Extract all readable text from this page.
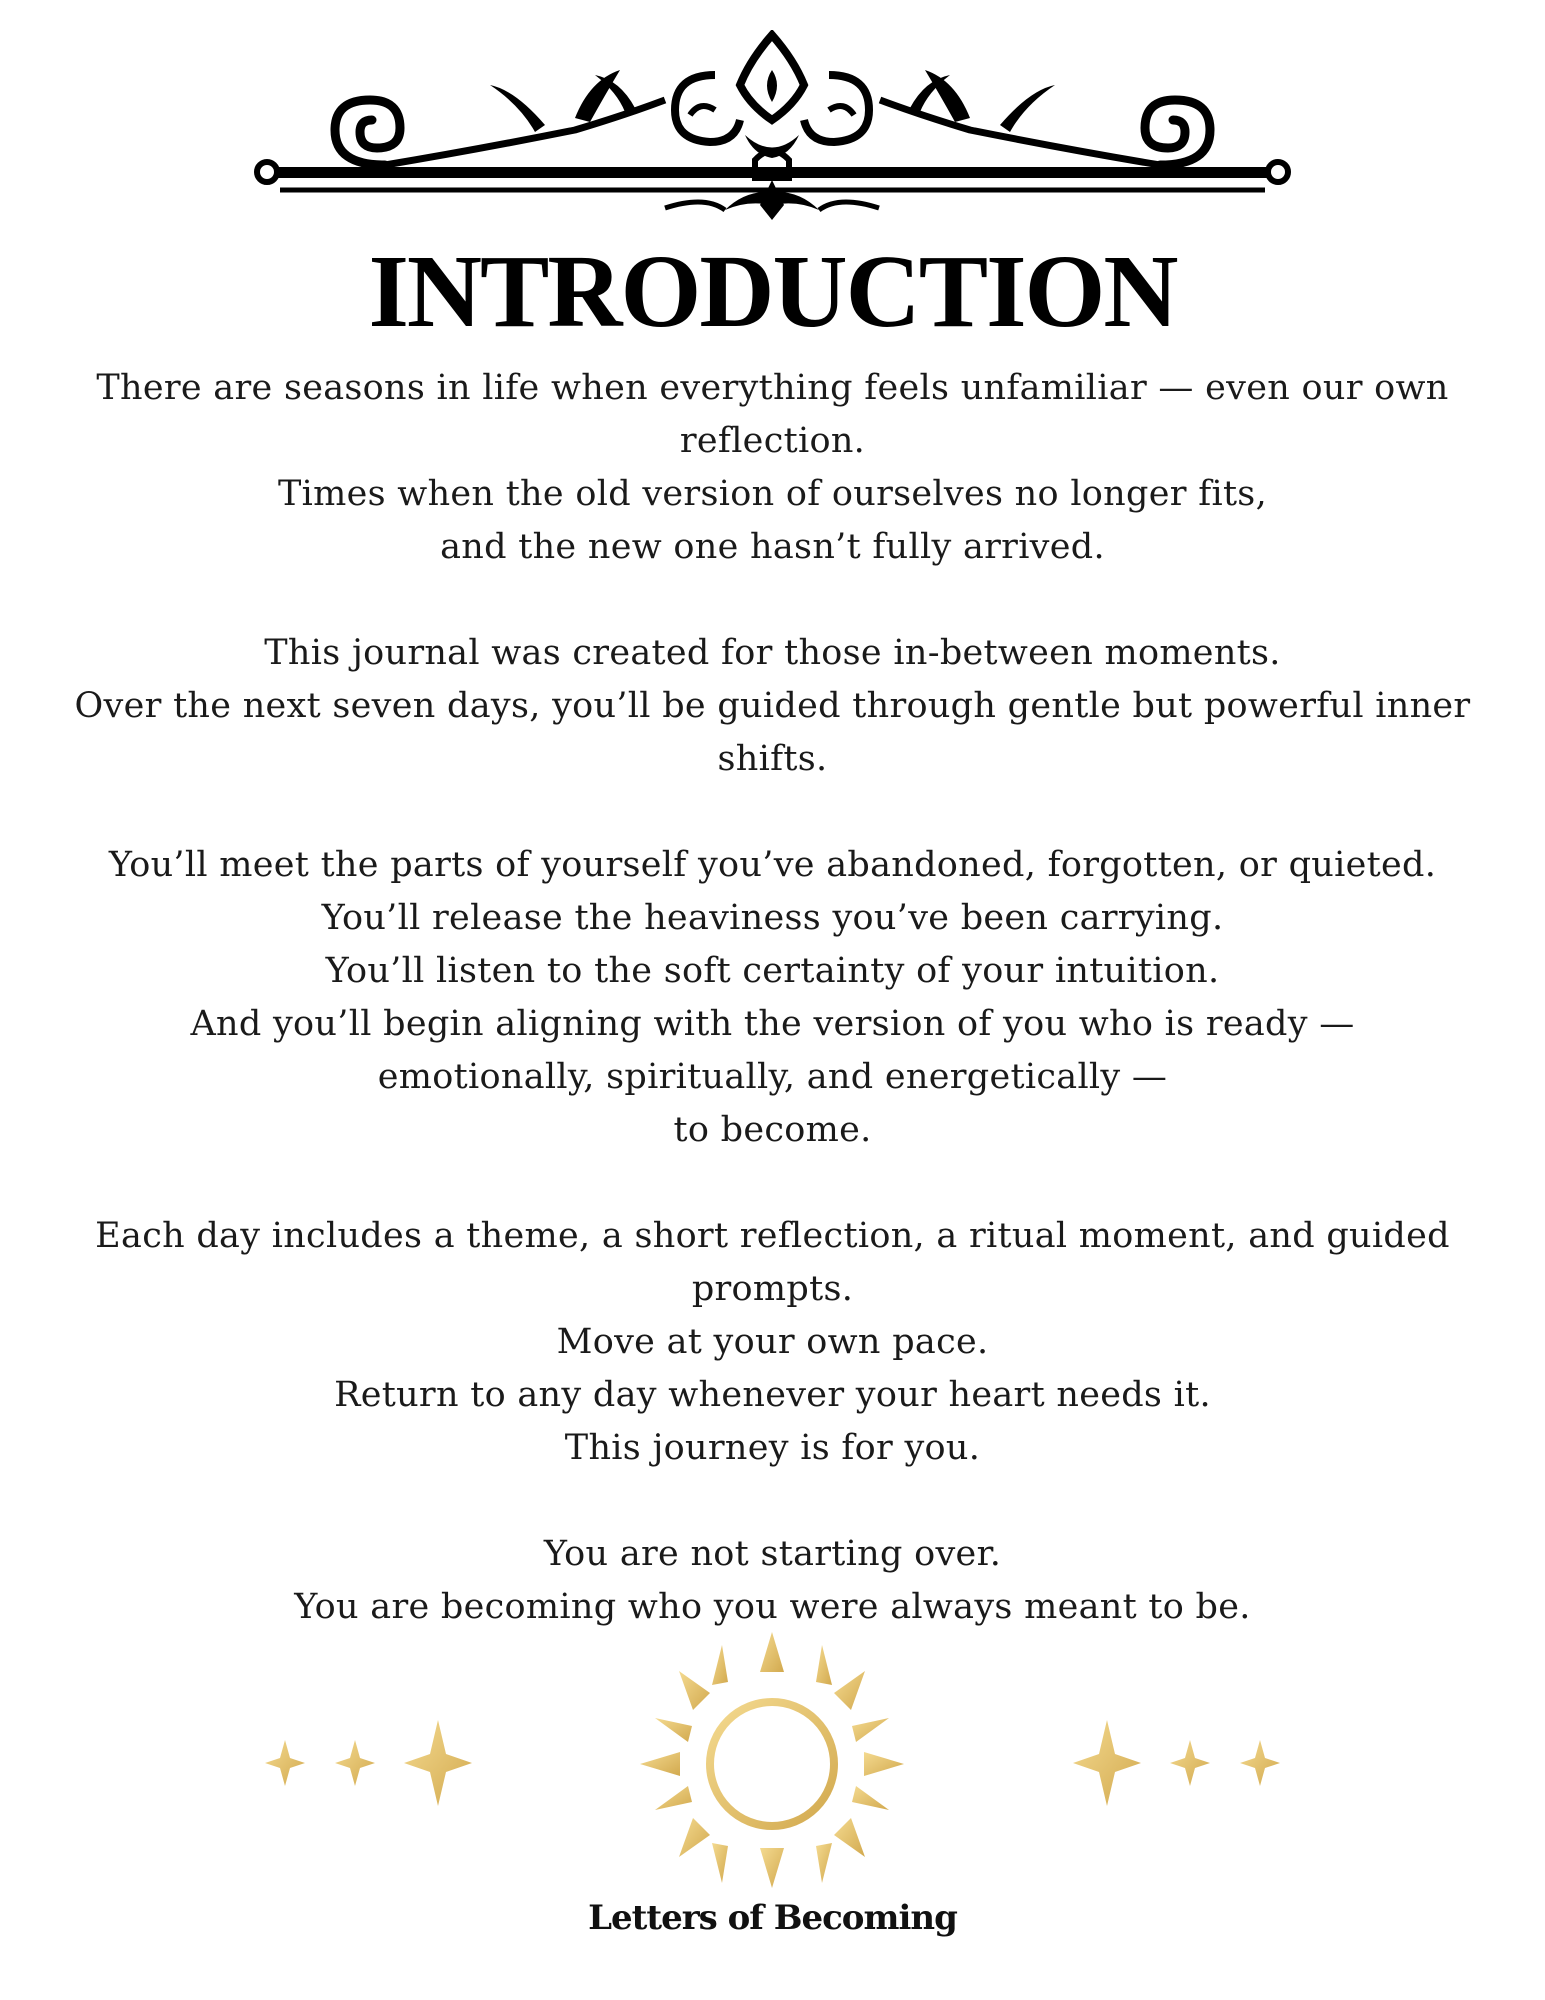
INTRODUCTION

There are seasons in life when everything feels unfamiliar — even our own reflection.
Times when the old version of ourselves no longer fits,
and the new one hasn’t fully arrived.

This journal was created for those in-between moments.
Over the next seven days, you’ll be guided through gentle but powerful inner shifts.

You’ll meet the parts of yourself you’ve abandoned, forgotten, or quieted.
You’ll release the heaviness you’ve been carrying.
You’ll listen to the soft certainty of your intuition.
And you’ll begin aligning with the version of you who is ready —
emotionally, spiritually, and energetically —
to become.

Each day includes a theme, a short reflection, a ritual moment, and guided prompts.
Move at your own pace.
Return to any day whenever your heart needs it.
This journey is for you.

You are not starting over.
You are becoming who you were always meant to be.

Letters of Becoming
